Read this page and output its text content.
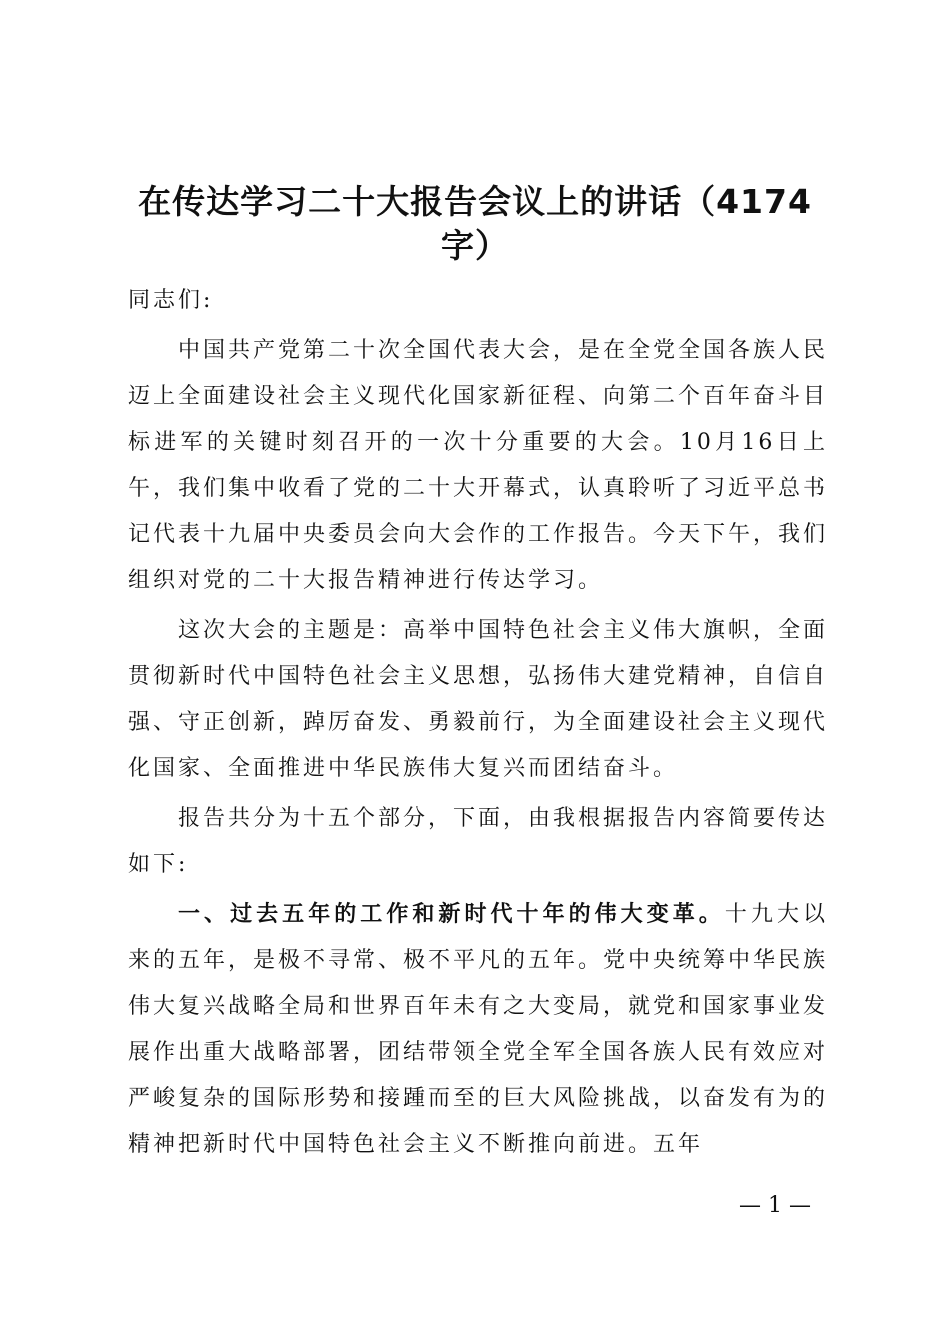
在传达学习二十大报告会议上的讲话（4174
字）

同志们:

中国共产党第二十次全国代表大会，是在全党全国各族人民迈上全面建设社会主义现代化国家新征程、向第二个百年奋斗目标进军的关键时刻召开的一次十分重要的大会。10月16日上午，我们集中收看了党的二十大开幕式，认真聆听了习近平总书记代表十九届中央委员会向大会作的工作报告。今天下午，我们组织对党的二十大报告精神进行传达学习。

这次大会的主题是：高举中国特色社会主义伟大旗帜，全面贯彻新时代中国特色社会主义思想，弘扬伟大建党精神，自信自强、守正创新，踔厉奋发、勇毅前行，为全面建设社会主义现代化国家、全面推进中华民族伟大复兴而团结奋斗。

报告共分为十五个部分，下面，由我根据报告内容简要传达如下:

一、过去五年的工作和新时代十年的伟大变革。十九大以来的五年，是极不寻常、极不平凡的五年。党中央统筹中华民族伟大复兴战略全局和世界百年未有之大变局，就党和国家事业发展作出重大战略部署，团结带领全党全军全国各族人民有效应对严峻复杂的国际形势和接踵而至的巨大风险挑战，以奋发有为的精神把新时代中国特色社会主义不断推向前进。五年

— 1 —
